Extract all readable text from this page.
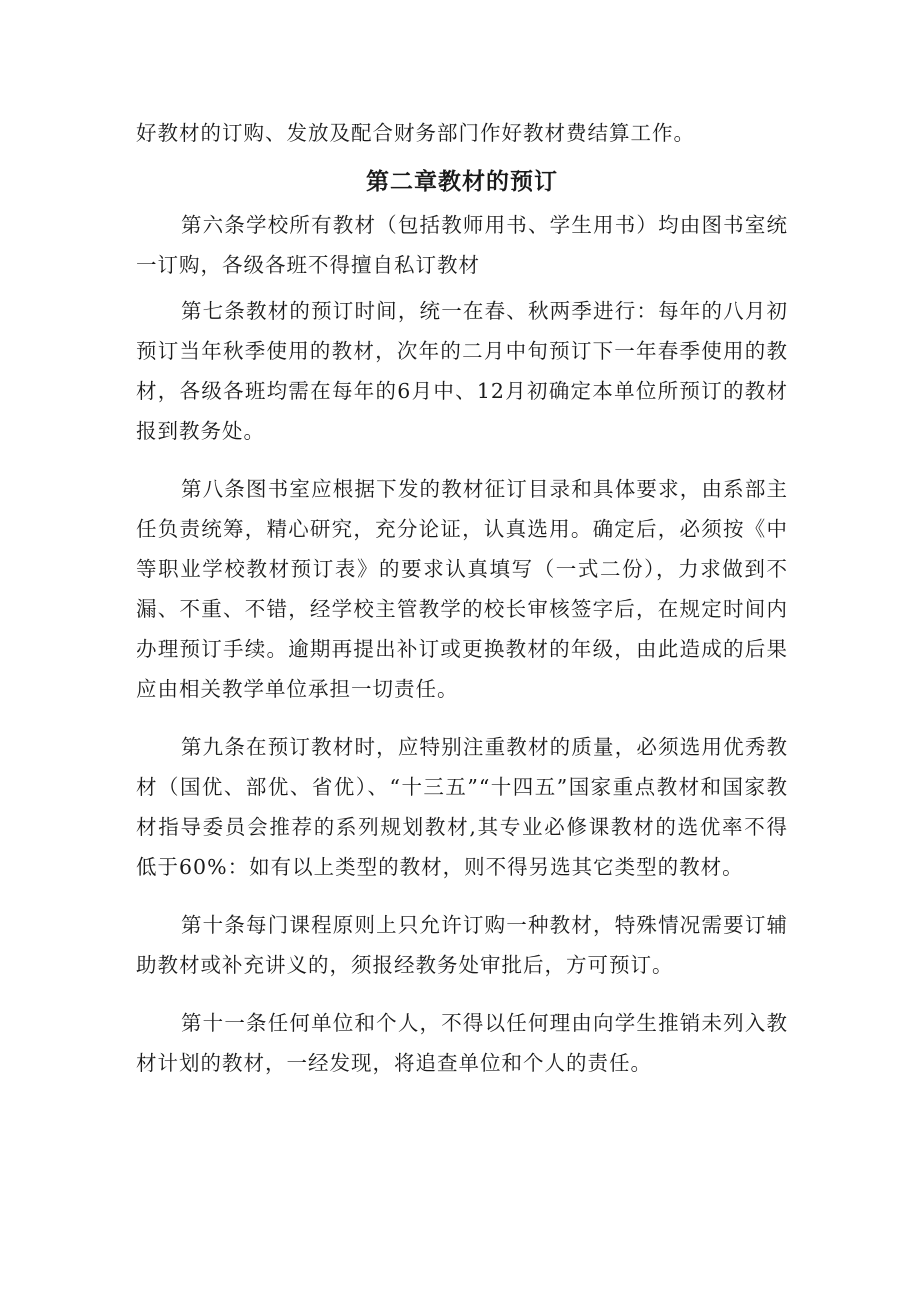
好教材的订购、发放及配合财务部门作好教材费结算工作。

第二章教材的预订

第六条学校所有教材（包括教师用书、学生用书）均由图书室统一订购，各级各班不得擅自私订教材

第七条教材的预订时间，统一在春、秋两季进行：每年的八月初预订当年秋季使用的教材，次年的二月中旬预订下一年春季使用的教材，各级各班均需在每年的6月中、12月初确定本单位所预订的教材报到教务处。

第八条图书室应根据下发的教材征订目录和具体要求，由系部主任负责统筹，精心研究，充分论证，认真选用。确定后，必须按《中等职业学校教材预订表》的要求认真填写（一式二份），力求做到不漏、不重、不错，经学校主管教学的校长审核签字后，在规定时间内办理预订手续。逾期再提出补订或更换教材的年级，由此造成的后果应由相关教学单位承担一切责任。

第九条在预订教材时，应特别注重教材的质量，必须选用优秀教材（国优、部优、省优）、“十三五”“十四五”国家重点教材和国家教材指导委员会推荐的系列规划教材,其专业必修课教材的选优率不得低于60%：如有以上类型的教材，则不得另选其它类型的教材。

第十条每门课程原则上只允许订购一种教材，特殊情况需要订辅助教材或补充讲义的，须报经教务处审批后，方可预订。

第十一条任何单位和个人，不得以任何理由向学生推销未列入教材计划的教材，一经发现，将追查单位和个人的责任。
